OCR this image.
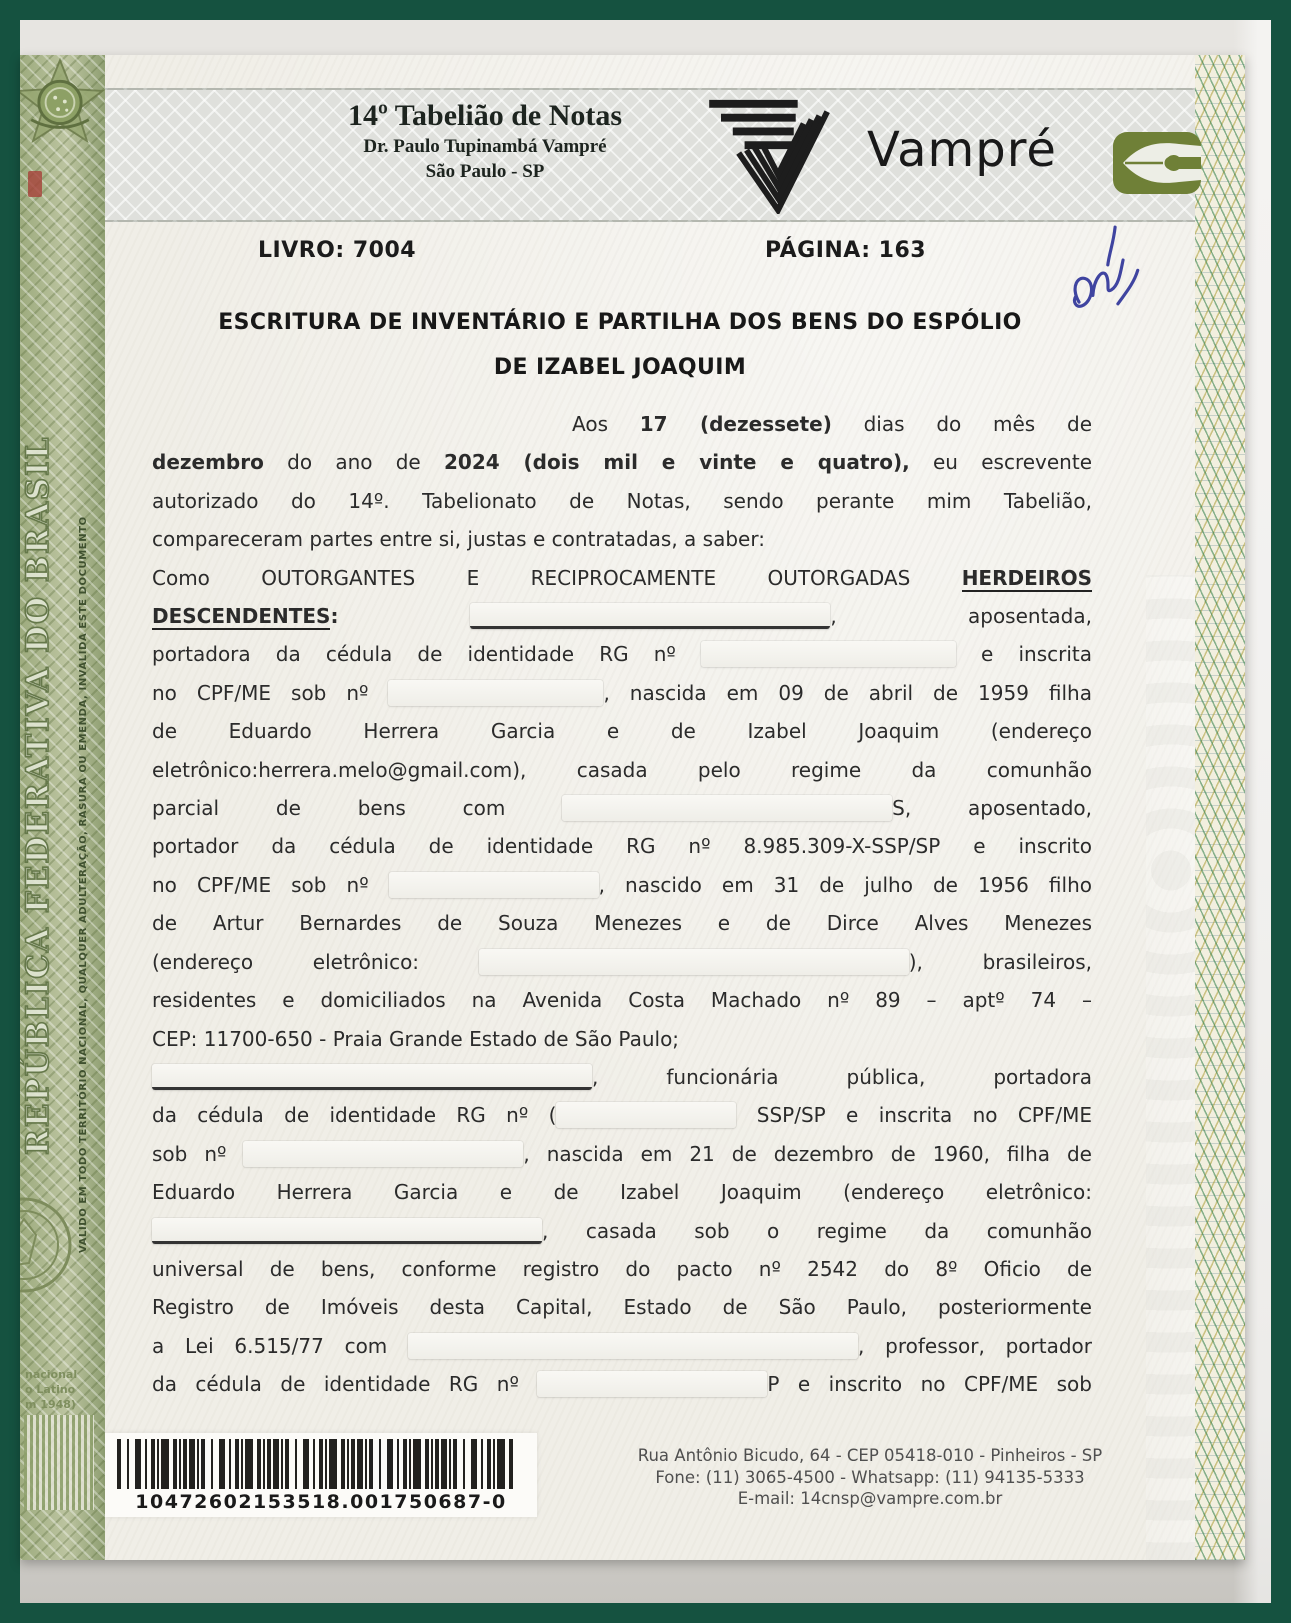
REPÚBLICA FEDERATIVA DO BRASIL	VALIDO EM TODO TERRITÓRIO NACIONAL, QUALQUER ADULTERAÇÃO, RASURA OU EMENDA, INVALIDA ESTE DOCUMENTO
nacional
o Latino
m 1948)
14º Tabelião de Notas
Dr. Paulo Tupinambá Vampré
São Paulo - SP	Vampré
LIVRO: 7004	PÁGINA: 163
ESCRITURA DE INVENTÁRIO E PARTILHA DOS BENS DO ESPÓLIO
DE IZABEL JOAQUIM
Aos 17 (dezessete) dias do mês de
dezembro do ano de 2024 (dois mil e vinte e quatro), eu escrevente
autorizado do 14º. Tabelionato de Notas, sendo perante mim Tabelião,
compareceram partes entre si, justas e contratadas, a saber:
Como OUTORGANTES E RECIPROCAMENTE OUTORGADAS HERDEIROS
DESCENDENTES:	, aposentada,
portadora da cédula de identidade RG nº	e inscrita
no CPF/ME sob nº	, nascida em 09 de abril de 1959 filha
de Eduardo Herrera Garcia e de Izabel Joaquim (endereço
eletrônico:herrera.melo@gmail.com), casada pelo regime da comunhão
parcial de bens com	S, aposentado,
portador da cédula de identidade RG nº 8.985.309-X-SSP/SP e inscrito
no CPF/ME sob nº	, nascido em 31 de julho de 1956 filho
de Artur Bernardes de Souza Menezes e de Dirce Alves Menezes
(endereço eletrônico:	), brasileiros,
residentes e domiciliados na Avenida Costa Machado nº 89 – aptº 74 –
CEP: 11700-650 - Praia Grande Estado de São Paulo;
, funcionária pública, portadora
da cédula de identidade RG nº (	SSP/SP e inscrita no CPF/ME
sob nº	, nascida em 21 de dezembro de 1960, filha de
Eduardo Herrera Garcia e de Izabel Joaquim (endereço eletrônico:
, casada sob o regime da comunhão
universal de bens, conforme registro do pacto nº 2542 do 8º Oficio de
Registro de Imóveis desta Capital, Estado de São Paulo, posteriormente
a Lei 6.515/77 com	, professor, portador
da cédula de identidade RG nº	P e inscrito no CPF/ME sob
10472602153518.001750687-0
Rua Antônio Bicudo, 64 - CEP 05418-010 - Pinheiros - SP
Fone: (11) 3065-4500 - Whatsapp: (11) 94135-5333
E-mail: 14cnsp@vampre.com.br
